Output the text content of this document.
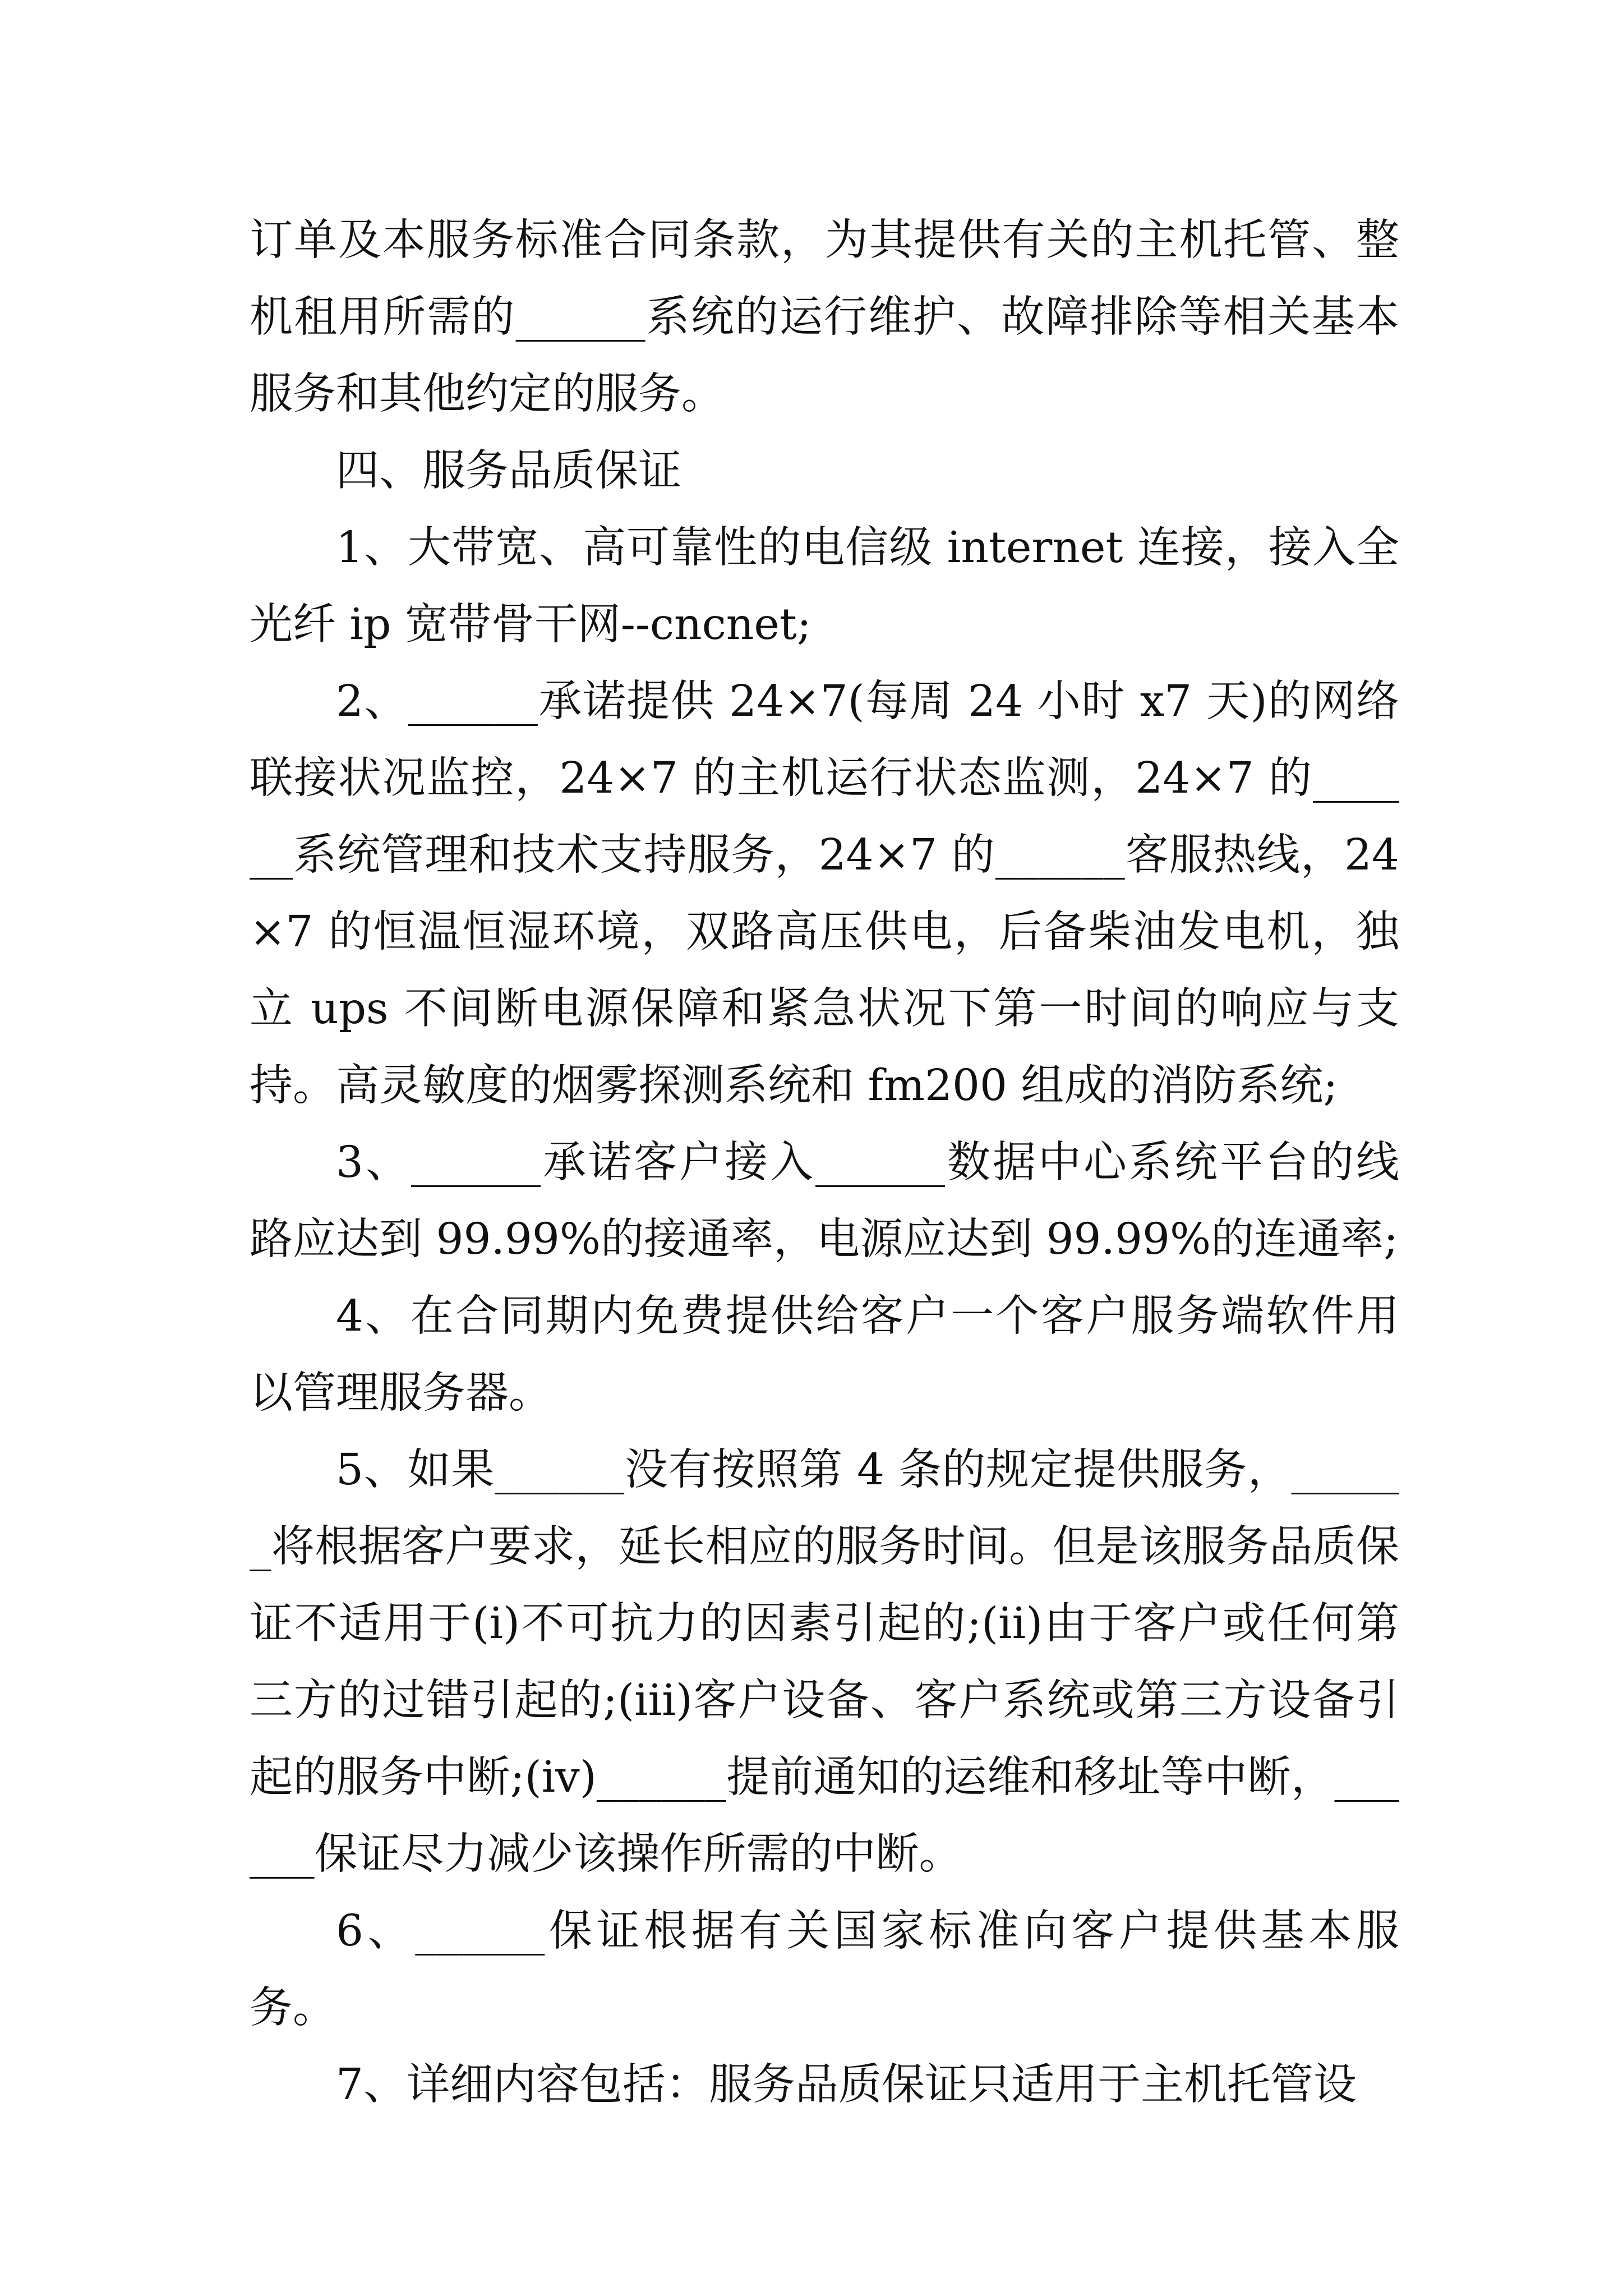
订单及本服务标准合同条款，为其提供有关的主机托管、整机租用所需的______系统的运行维护、故障排除等相关基本服务和其他约定的服务。

四、服务品质保证

1、大带宽、高可靠性的电信级 internet 连接，接入全光纤 ip 宽带骨干网--cncnet;

2、______承诺提供 24×7(每周 24 小时 x7 天)的网络联接状况监控，24×7 的主机运行状态监测，24×7 的______系统管理和技术支持服务，24×7 的______客服热线，24×7 的恒温恒湿环境，双路高压供电，后备柴油发电机，独立 ups 不间断电源保障和紧急状况下第一时间的响应与支持。高灵敏度的烟雾探测系统和 fm200 组成的消防系统;

3、______承诺客户接入______数据中心系统平台的线路应达到 99.99%的接通率，电源应达到 99.99%的连通率;

4、在合同期内免费提供给客户一个客户服务端软件用以管理服务器。

5、如果______没有按照第 4 条的规定提供服务，______将根据客户要求，延长相应的服务时间。但是该服务品质保证不适用于(i)不可抗力的因素引起的;(ii)由于客户或任何第三方的过错引起的;(iii)客户设备、客户系统或第三方设备引起的服务中断;(iv)______提前通知的运维和移址等中断，______保证尽力减少该操作所需的中断。

6、______保证根据有关国家标准向客户提供基本服务。

7、详细内容包括：服务品质保证只适用于主机托管设
